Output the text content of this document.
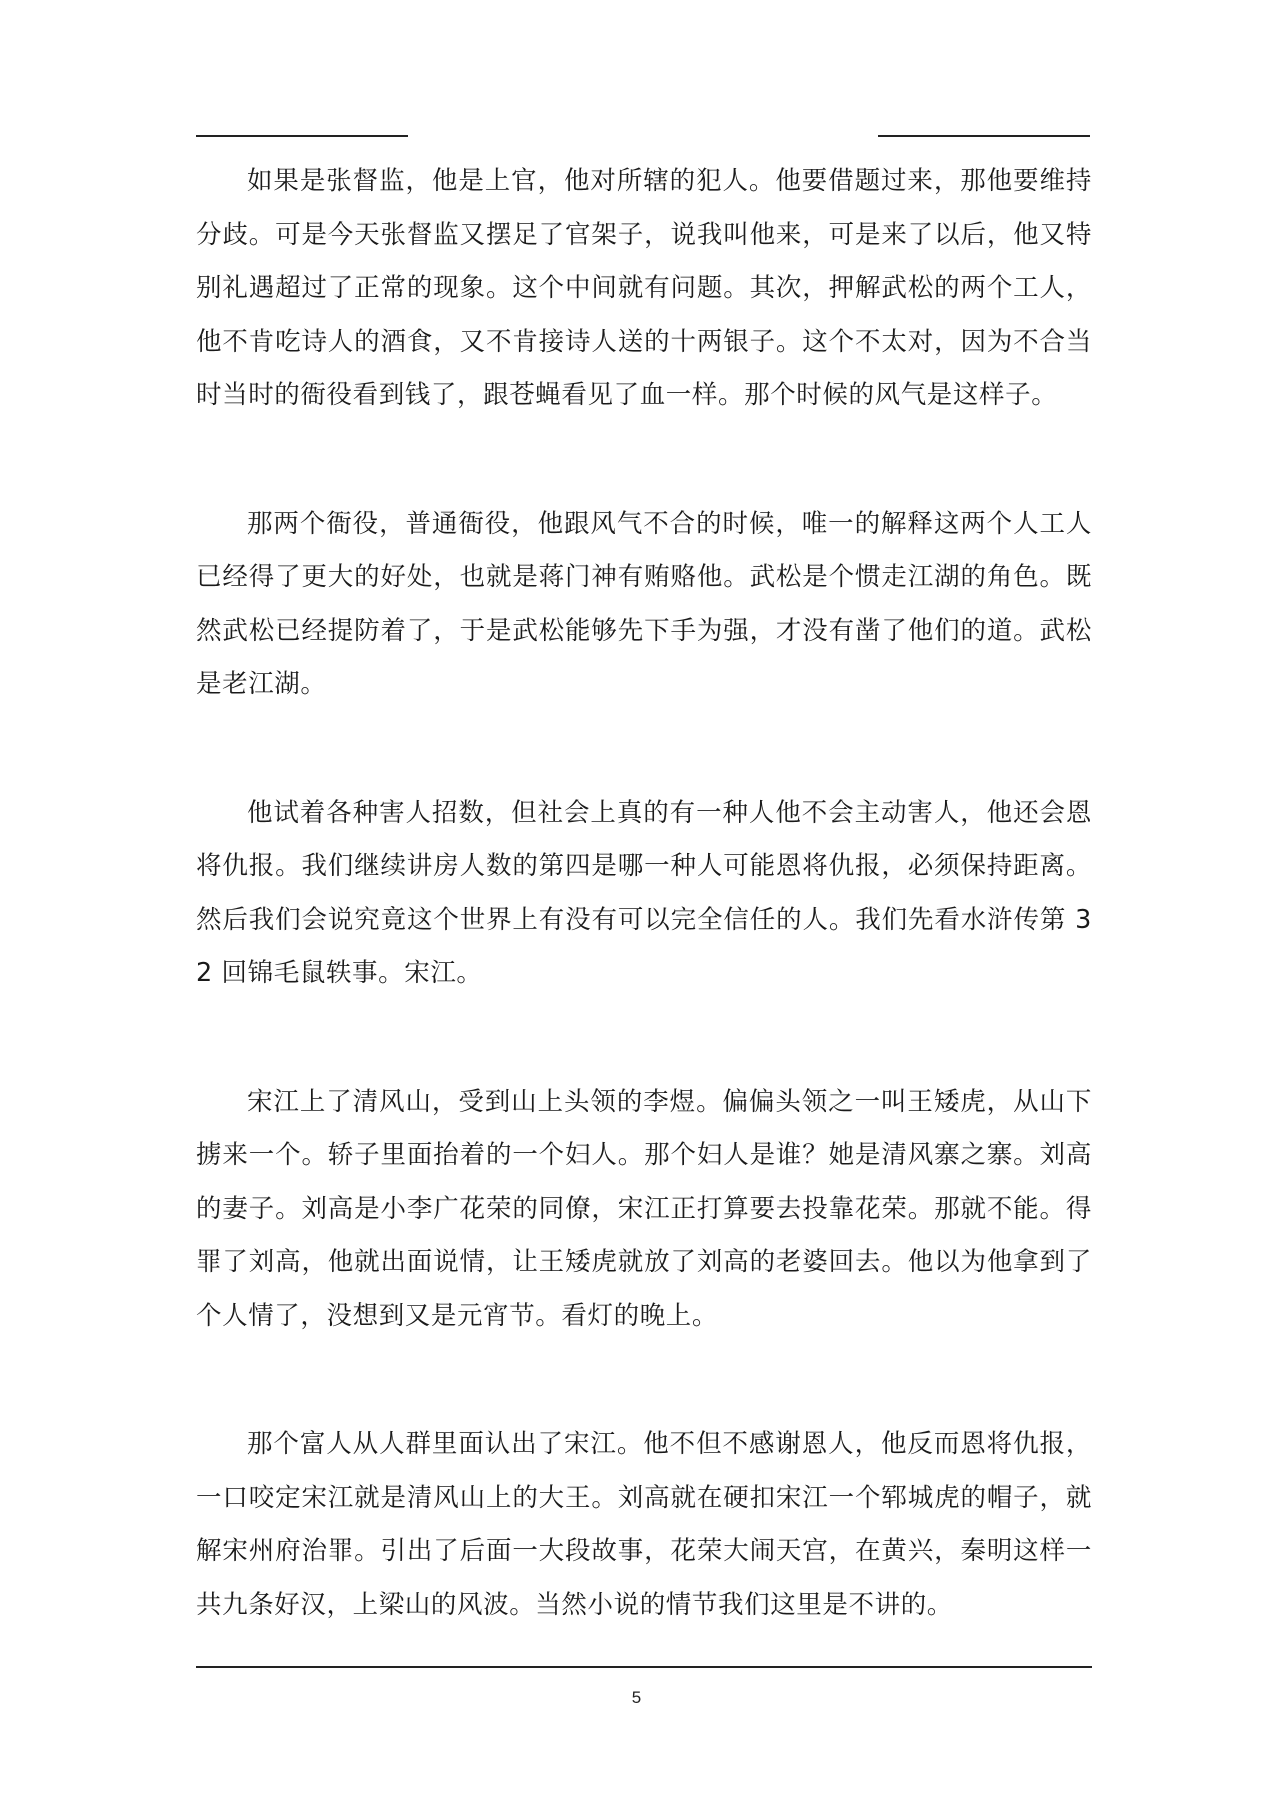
如果是张督监，他是上官，他对所辖的犯人。他要借题过来，那他要维持分歧。可是今天张督监又摆足了官架子，说我叫他来，可是来了以后，他又特别礼遇超过了正常的现象。这个中间就有问题。其次，押解武松的两个工人，他不肯吃诗人的酒食，又不肯接诗人送的十两银子。这个不太对，因为不合当时当时的衙役看到钱了，跟苍蝇看见了血一样。那个时候的风气是这样子。

那两个衙役，普通衙役，他跟风气不合的时候，唯一的解释这两个人工人已经得了更大的好处，也就是蒋门神有贿赂他。武松是个惯走江湖的角色。既然武松已经提防着了，于是武松能够先下手为强，才没有凿了他们的道。武松是老江湖。

他试着各种害人招数，但社会上真的有一种人他不会主动害人，他还会恩将仇报。我们继续讲房人数的第四是哪一种人可能恩将仇报，必须保持距离。然后我们会说究竟这个世界上有没有可以完全信任的人。我们先看水浒传第 32 回锦毛鼠轶事。宋江。

宋江上了清风山，受到山上头领的李煜。偏偏头领之一叫王矮虎，从山下掳来一个。轿子里面抬着的一个妇人。那个妇人是谁？她是清风寨之寨。刘高的妻子。刘高是小李广花荣的同僚，宋江正打算要去投靠花荣。那就不能。得罪了刘高，他就出面说情，让王矮虎就放了刘高的老婆回去。他以为他拿到了个人情了，没想到又是元宵节。看灯的晚上。

那个富人从人群里面认出了宋江。他不但不感谢恩人，他反而恩将仇报，一口咬定宋江就是清风山上的大王。刘高就在硬扣宋江一个郓城虎的帽子，就解宋州府治罪。引出了后面一大段故事，花荣大闹天宫，在黄兴，秦明这样一共九条好汉，上梁山的风波。当然小说的情节我们这里是不讲的。

5
